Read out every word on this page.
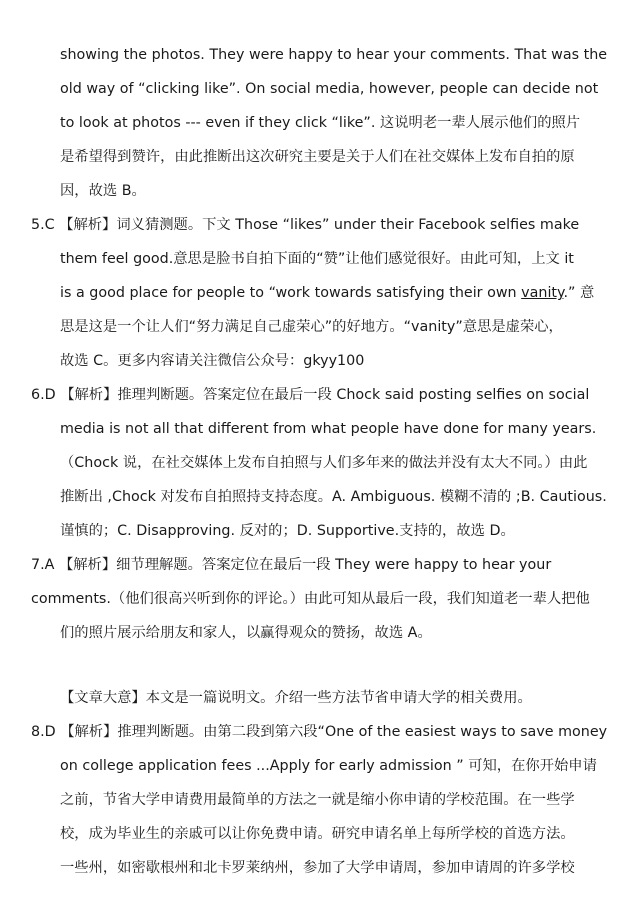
showing the photos. They were happy to hear your comments. That was the
old way of “clicking like”. On social media, however, people can decide not
to look at photos --- even if they click “like”. 这说明老一辈人展示他们的照片
是希望得到赞许，由此推断出这次研究主要是关于人们在社交媒体上发布自拍的原
因，故选 B。
5.C 【解析】词义猜测题。下文 Those “likes” under their Facebook selfies make
them feel good.意思是脸书自拍下面的“赞”让他们感觉很好。由此可知，上文 it
is a good place for people to “work towards satisfying their own vanity.” 意
思是这是一个让人们“努力满足自己虚荣心”的好地方。“vanity”意思是虚荣心，
故选 C。更多内容请关注微信公众号：gkyy100
6.D 【解析】推理判断题。答案定位在最后一段 Chock said posting selfies on social
media is not all that different from what people have done for many years.
（Chock 说，在社交媒体上发布自拍照与人们多年来的做法并没有太大不同。）由此
推断出 ,Chock 对发布自拍照持支持态度。A. Ambiguous. 模糊不清的 ;B. Cautious.
谨慎的；C. Disapproving. 反对的；D. Supportive.支持的，故选 D。
7.A 【解析】细节理解题。答案定位在最后一段 They were happy to hear your
comments.（他们很高兴听到你的评论。）由此可知从最后一段，我们知道老一辈人把他
们的照片展示给朋友和家人，以赢得观众的赞扬，故选 A。
【文章大意】本文是一篇说明文。介绍一些方法节省申请大学的相关费用。
8.D 【解析】推理判断题。由第二段到第六段“One of the easiest ways to save money
on college application fees ...Apply for early admission ” 可知，在你开始申请
之前，节省大学申请费用最简单的方法之一就是缩小你申请的学校范围。在一些学
校，成为毕业生的亲戚可以让你免费申请。研究申请名单上每所学校的首选方法。
一些州，如密歇根州和北卡罗莱纳州，参加了大学申请周，参加申请周的许多学校
